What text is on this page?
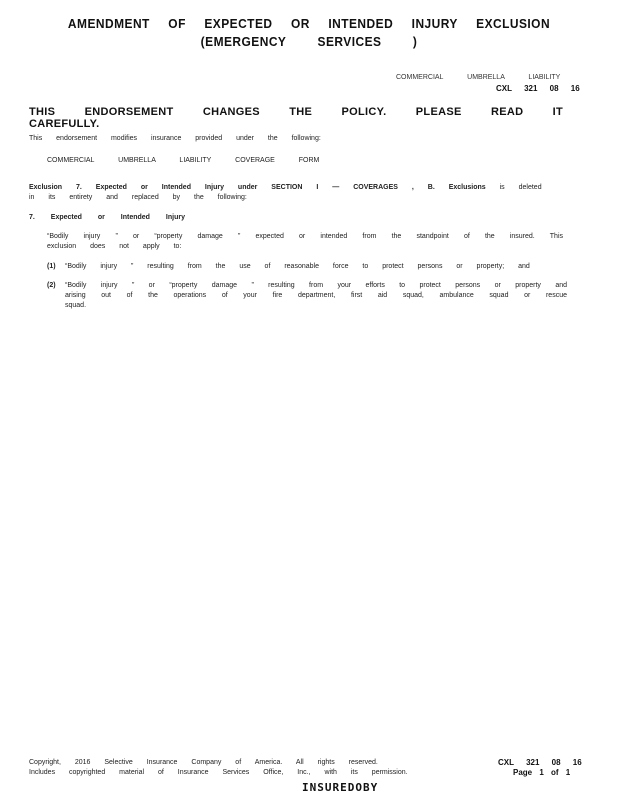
AMENDMENT OF EXPECTED OR INTENDED INJURY EXCLUSION
(EMERGENCY SERVICES )
COMMERCIAL UMBRELLA LIABILITY
CXL 321 08 16
THIS ENDORSEMENT CHANGES THE POLICY. PLEASE READ IT CAREFULLY.
This endorsement modifies insurance provided under the following:
COMMERCIAL UMBRELLA LIABILITY COVERAGE FORM
Exclusion 7. Expected or Intended Injury under SECTION I — COVERAGES , B. Exclusions is deleted in its entirety and replaced by the following:
7. Expected or Intended Injury
“Bodily injury ” or “property damage ” expected or intended from the standpoint of the insured. This exclusion does not apply to:
(1) “Bodily injury ” resulting from the use of reasonable force to protect persons or property; and
(2) “Bodily injury ” or “property damage ” resulting from your efforts to protect persons or property and arising out of the operations of your fire department, first aid squad, ambulance squad or rescue squad.
Copyright, 2016 Selective Insurance Company of America. All rights reserved.
Includes copyrighted material of Insurance Services Office, Inc., with its permission.
CXL 321 08 16
Page 1 of 1
INSUREDOBY
